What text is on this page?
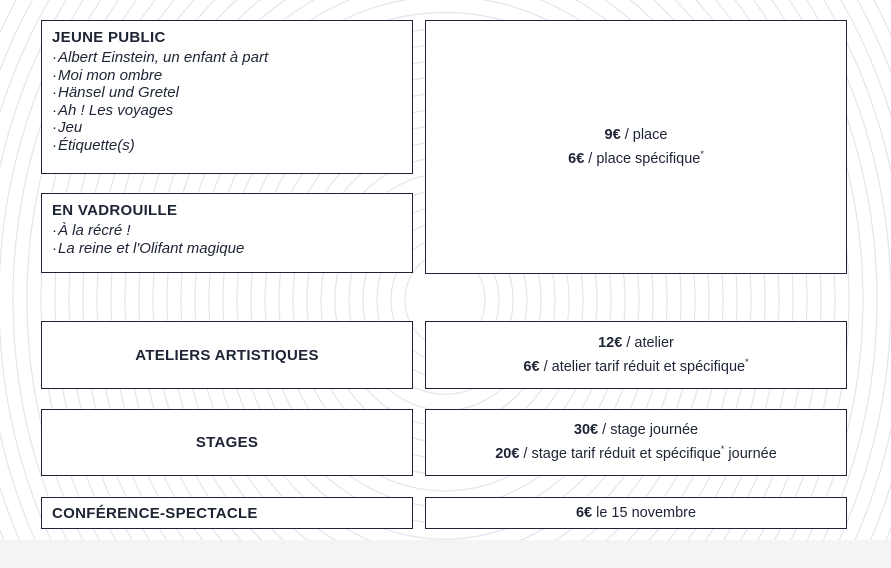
JEUNE PUBLIC
· Albert Einstein, un enfant à part
· Moi mon ombre
· Hänsel und Gretel
· Ah ! Les voyages
· Jeu
· Étiquette(s)
EN VADROUILLE
· À la récré !
· La reine et l'Olifant magique
9€ / place
6€ / place spécifique*
ATELIERS ARTISTIQUES
12€ / atelier
6€ / atelier tarif réduit et spécifique*
STAGES
30€ / stage journée
20€ / stage tarif réduit et spécifique* journée
CONFÉRENCE-SPECTACLE	6€ le 15 novembre
